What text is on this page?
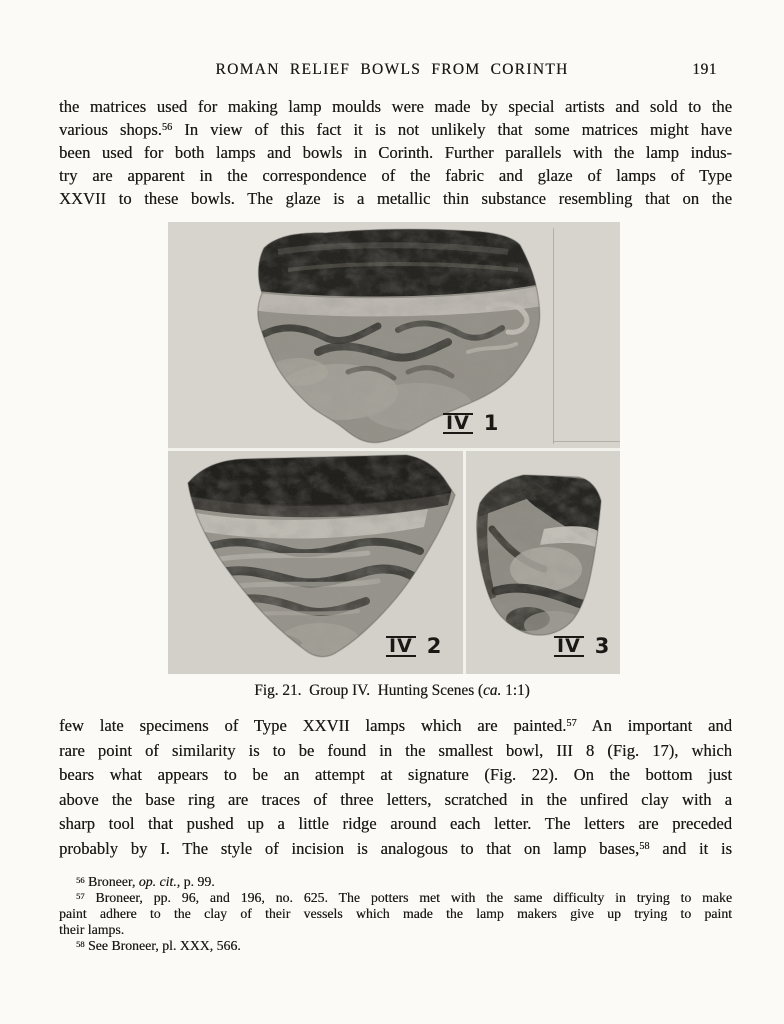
ROMAN RELIEF BOWLS FROM CORINTH	191
the matrices used for making lamp moulds were made by special artists and sold to the
various shops.$^{56}$ In view of this fact it is not unlikely that some matrices might have
been used for both lamps and bowls in Corinth. Further parallels with the lamp indus-
try are apparent in the correspondence of the fabric and glaze of lamps of Type
XXVII to these bowls. The glaze is a metallic thin substance resembling that on the
IV 1
IV 2	IV 3
Fig. 21. Group IV. Hunting Scenes (ca. 1:1)
few late specimens of Type XXVII lamps which are painted.$^{57}$ An important and
rare point of similarity is to be found in the smallest bowl, III 8 (Fig. 17), which
bears what appears to be an attempt at signature (Fig. 22). On the bottom just
above the base ring are traces of three letters, scratched in the unfired clay with a
sharp tool that pushed up a little ridge around each letter. The letters are preceded
probably by I. The style of incision is analogous to that on lamp bases,$^{58}$ and it is
$^{56}$ Broneer, op. cit., p. 99.
$^{57}$ Broneer, pp. 96, and 196, no. 625. The potters met with the same difficulty in trying to make
paint adhere to the clay of their vessels which made the lamp makers give up trying to paint
their lamps.
$^{58}$ See Broneer, pl. XXX, 566.
